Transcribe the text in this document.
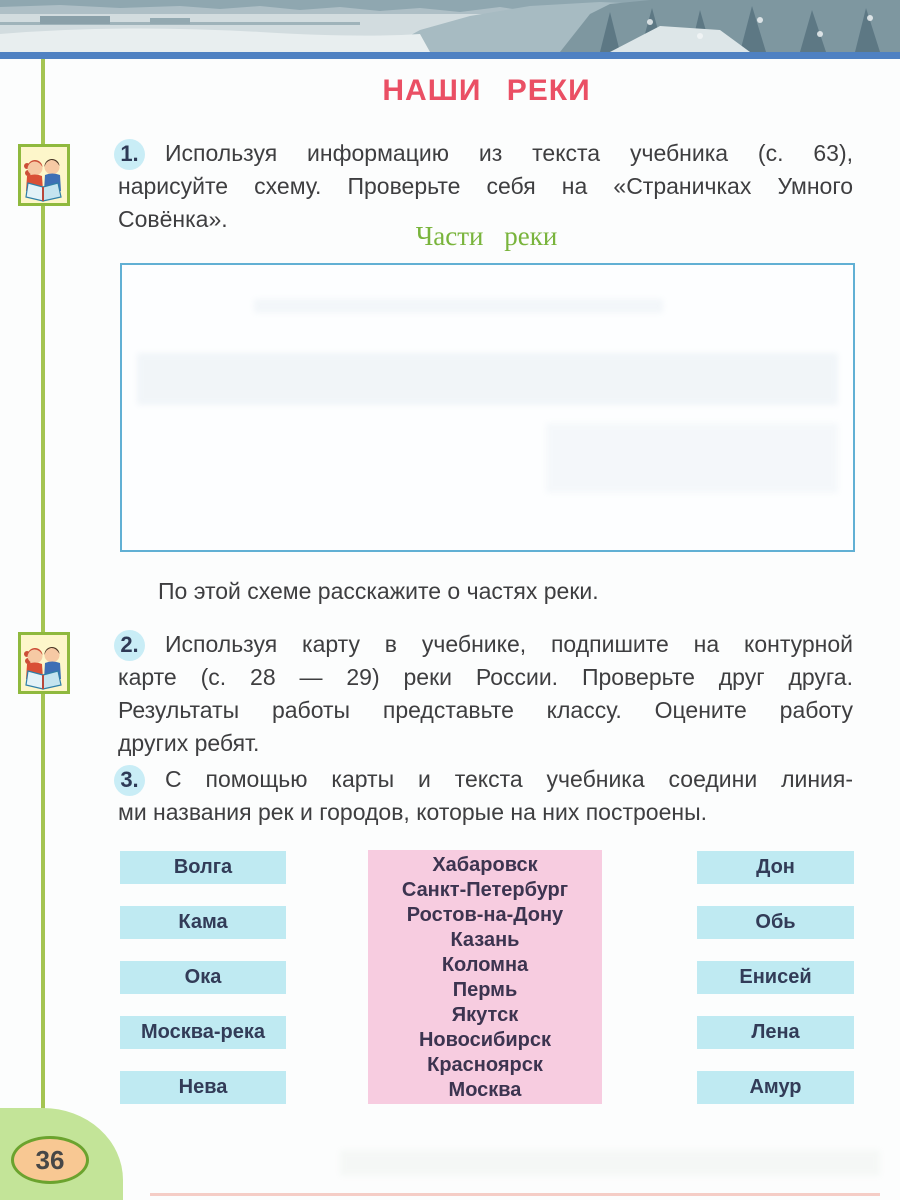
НАШИ РЕКИ
1.	Используя информацию из текста учебника (с. 63),
нарисуйте схему. Проверьте себя на «Страничках Умного
Совёнка».
Части реки
По этой схеме расскажите о частях реки.
2.	Используя карту в учебнике, подпишите на контурной
карте (с. 28 — 29) реки России. Проверьте друг друга.
Результаты работы представьте классу. Оцените работу
других ребят.
3.	С помощью карты и текста учебника соедини линия-
ми названия рек и городов, которые на них построены.
Волга
Кама
Ока
Москва-река
Нева
Хабаровск
Санкт-Петербург
Ростов-на-Дону
Казань
Коломна
Пермь
Якутск
Новосибирск
Красноярск
Москва
Дон
Обь
Енисей
Лена
Амур
36
